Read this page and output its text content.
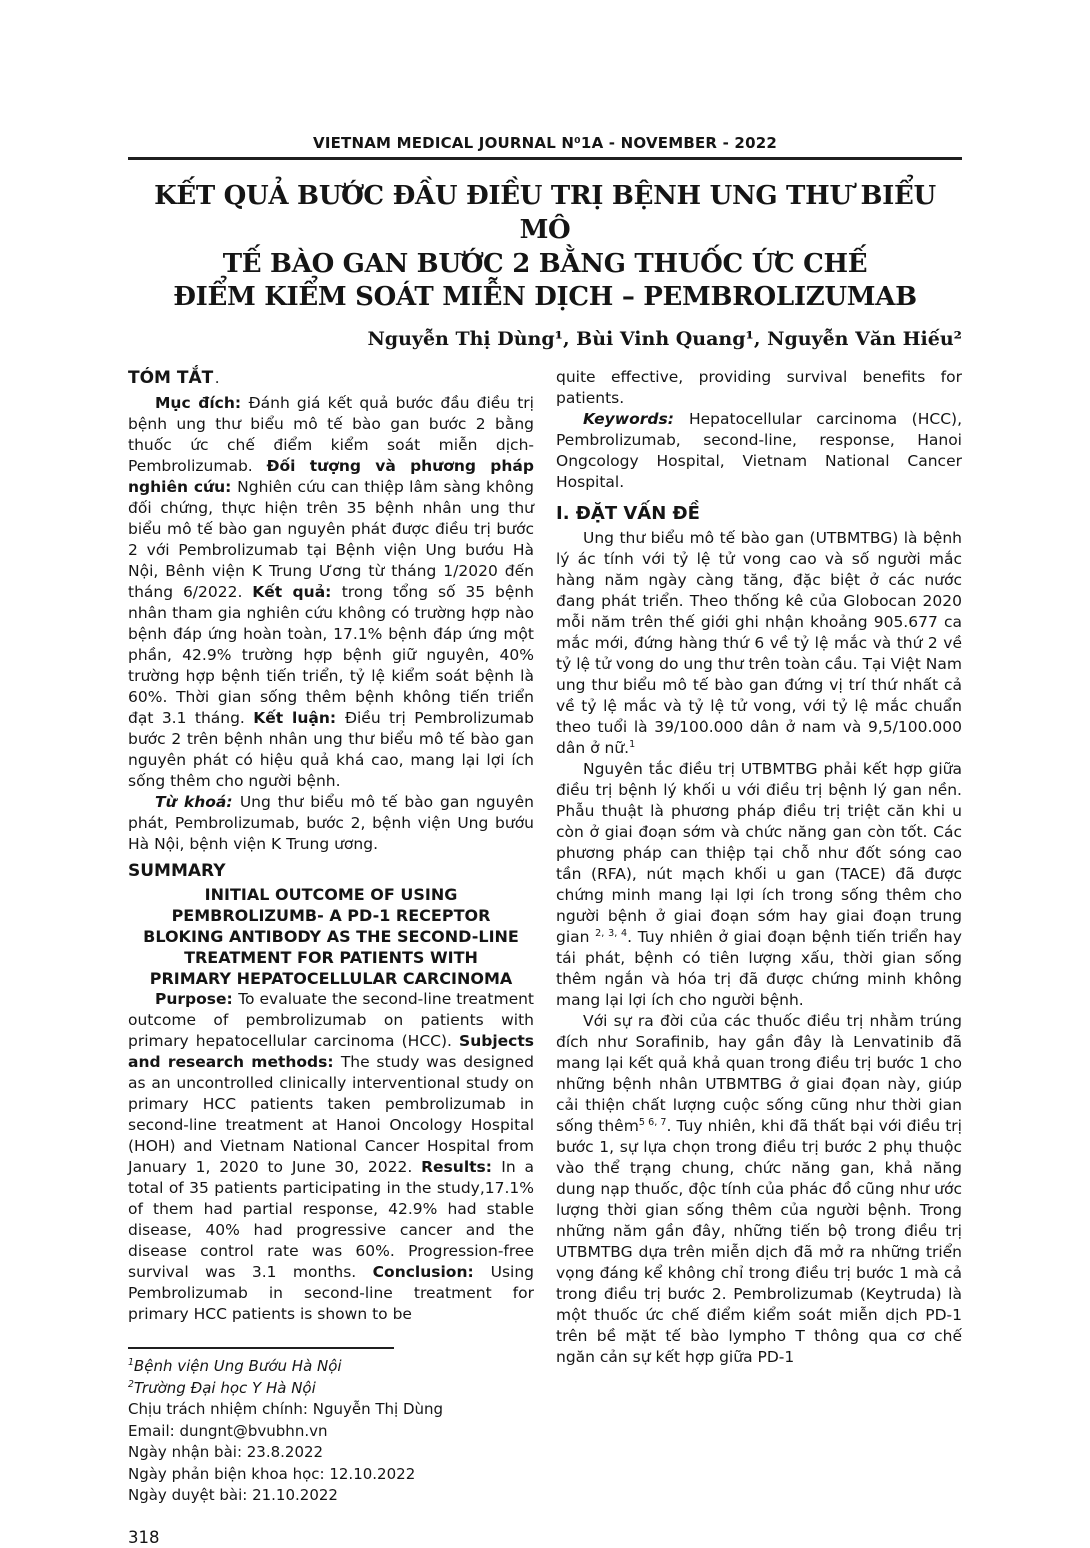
VIETNAM MEDICAL JOURNAL N⁰1A - NOVEMBER - 2022
KẾT QUẢ BƯỚC ĐẦU ĐIỀU TRỊ BỆNH UNG THƯ BIỂU MÔ
TẾ BÀO GAN BƯỚC 2 BẰNG THUỐC ỨC CHẾ
ĐIỂM KIỂM SOÁT MIỄN DỊCH – PEMBROLIZUMAB
Nguyễn Thị Dùng¹, Bùi Vinh Quang¹, Nguyễn Văn Hiếu²
TÓM TẮT .

Mục đích: Đánh giá kết quả bước đầu điều trị bệnh ung thư biểu mô tế bào gan bước 2 bằng thuốc ức chế điểm kiểm soát miễn dịch- Pembrolizumab. Đối tượng và phương pháp nghiên cứu: Nghiên cứu can thiệp lâm sàng không đối chứng, thực hiện trên 35 bệnh nhân ung thư biểu mô tế bào gan nguyên phát được điều trị bước 2 với Pembrolizumab tại Bệnh viện Ung bướu Hà Nội, Bênh viện K Trung Ương từ tháng 1/2020 đến tháng 6/2022. Kết quả: trong tổng số 35 bệnh nhân tham gia nghiên cứu không có trường hợp nào bệnh đáp ứng hoàn toàn, 17.1% bệnh đáp ứng một phần, 42.9% trường hợp bệnh giữ nguyên, 40% trường hợp bệnh tiến triển, tỷ lệ kiểm soát bệnh là 60%. Thời gian sống thêm bệnh không tiến triển đạt 3.1 tháng. Kết luận: Điều trị Pembrolizumab bước 2 trên bệnh nhân ung thư biểu mô tế bào gan nguyên phát có hiệu quả khá cao, mang lại lợi ích sống thêm cho người bệnh.

Từ khoá: Ung thư biểu mô tế bào gan nguyên phát, Pembrolizumab, bước 2, bệnh viện Ung bướu Hà Nội, bệnh viện K Trung ương.

SUMMARY
INITIAL OUTCOME OF USING
PEMBROLIZUMB- A PD-1 RECEPTOR
BLOKING ANTIBODY AS THE SECOND-LINE
TREATMENT FOR PATIENTS WITH
PRIMARY HEPATOCELLULAR CARCINOMA

Purpose: To evaluate the second-line treatment outcome of pembrolizumab on patients with primary hepatocellular carcinoma (HCC). Subjects and research methods: The study was designed as an uncontrolled clinically interventional study on primary HCC patients taken pembrolizumab in second-line treatment at Hanoi Oncology Hospital (HOH) and Vietnam National Cancer Hospital from January 1, 2020 to June 30, 2022. Results: In a total of 35 patients participating in the study,17.1% of them had partial response, 42.9% had stable disease, 40% had progressive cancer and the disease control rate was 60%. Progression-free survival was 3.1 months. Conclusion: Using Pembrolizumab in second-line treatment for primary HCC patients is shown to be

$^1$Bệnh viện Ung Bướu Hà Nội
$^2$Trường Đại học Y Hà Nội
Chịu trách nhiệm chính: Nguyễn Thị Dùng
Email: dungnt@bvubhn.vn
Ngày nhận bài: 23.8.2022
Ngày phản biện khoa học: 12.10.2022
Ngày duyệt bài: 21.10.2022
318

quite effective, providing survival benefits for patients.

Keywords: Hepatocellular carcinoma (HCC), Pembrolizumab, second-line, response, Hanoi Ongcology Hospital, Vietnam National Cancer Hospital.

I. ĐẶT VẤN ĐỀ

Ung thư biểu mô tế bào gan (UTBMTBG) là bệnh lý ác tính với tỷ lệ tử vong cao và số người mắc hàng năm ngày càng tăng, đặc biệt ở các nước đang phát triển. Theo thống kê của Globocan 2020 mỗi năm trên thế giới ghi nhận khoảng 905.677 ca mắc mới, đứng hàng thứ 6 về tỷ lệ mắc và thứ 2 về tỷ lệ tử vong do ung thư trên toàn cầu. Tại Việt Nam ung thư biểu mô tế bào gan đứng vị trí thứ nhất cả về tỷ lệ mắc và tỷ lệ tử vong, với tỷ lệ mắc chuẩn theo tuổi là 39/100.000 dân ở nam và 9,5/100.000 dân ở nữ.$^1$

Nguyên tắc điều trị UTBMTBG phải kết hợp giữa điều trị bệnh lý khối u với điều trị bệnh lý gan nền. Phẫu thuật là phương pháp điều trị triệt căn khi u còn ở giai đoạn sớm và chức năng gan còn tốt. Các phương pháp can thiệp tại chỗ như đốt sóng cao tần (RFA), nút mạch khối u gan (TACE) đã được chứng minh mang lại lợi ích trong sống thêm cho người bệnh ở giai đoạn sớm hay giai đoạn trung gian $^{2, 3, 4}$. Tuy nhiên ở giai đoạn bệnh tiến triển hay tái phát, bệnh có tiên lượng xấu, thời gian sống thêm ngắn và hóa trị đã được chứng minh không mang lại lợi ích cho người bệnh.

Với sự ra đời của các thuốc điều trị nhằm trúng đích như Sorafinib, hay gần đây là Lenvatinib đã mang lại kết quả khả quan trong điều trị bước 1 cho những bệnh nhân UTBMTBG ở giai đọan này, giúp cải thiện chất lượng cuộc sống cũng như thời gian sống thêm$^{5 6, 7}$. Tuy nhiên, khi đã thất bại với điều trị bước 1, sự lựa chọn trong điều trị bước 2 phụ thuộc vào thể trạng chung, chức năng gan, khả năng dung nạp thuốc, độc tính của phác đồ cũng như ước lượng thời gian sống thêm của người bệnh. Trong những năm gần đây, những tiến bộ trong điều trị UTBMTBG dựa trên miễn dịch đã mở ra những triển vọng đáng kể không chỉ trong điều trị bước 1 mà cả trong điều trị bước 2. Pembrolizumab (Keytruda) là một thuốc ức chế điểm kiểm soát miễn dịch PD-1 trên bề mặt tế bào lympho T thông qua cơ chế ngăn cản sự kết hợp giữa PD-1
